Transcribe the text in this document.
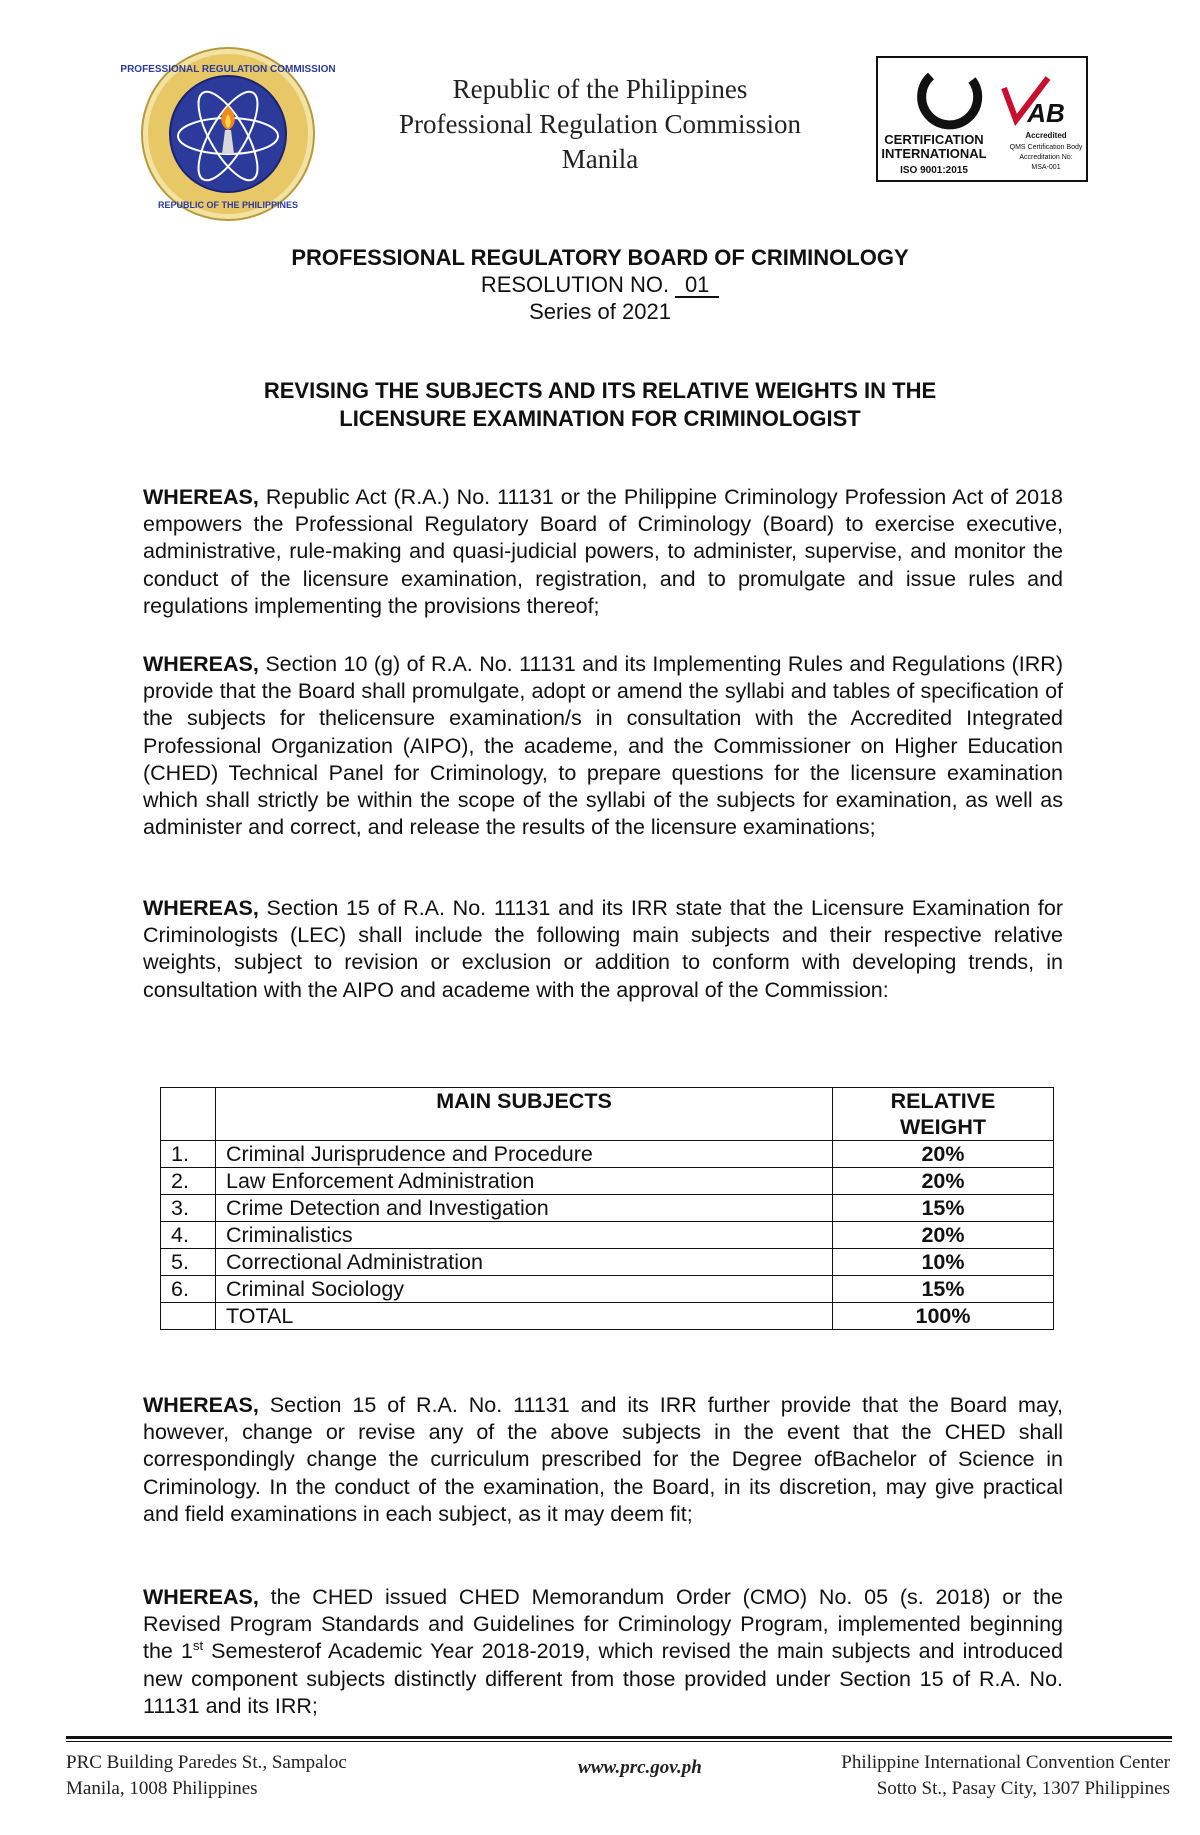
PROFESSIONAL REGULATION COMMISSION
REPUBLIC OF THE PHILIPPINES
Republic of the Philippines
Professional Regulation Commission
Manila
CERTIFICATION
INTERNATIONAL
ISO 9001:2015
AB
Accredited
QMS Certification Body
Accreditation No:
MSA-001
PROFESSIONAL REGULATORY BOARD OF CRIMINOLOGY
RESOLUTION NO. 01
Series of 2021
REVISING THE SUBJECTS AND ITS RELATIVE WEIGHTS IN THE
LICENSURE EXAMINATION FOR CRIMINOLOGIST
WHEREAS, Republic Act (R.A.) No. 11131 or the Philippine Criminology Profession Act of 2018 empowers the Professional Regulatory Board of Criminology (Board) to exercise executive, administrative, rule-making and quasi-judicial powers, to administer, supervise, and monitor the conduct of the licensure examination, registration, and to promulgate and issue rules and regulations implementing the provisions thereof;
WHEREAS, Section 10 (g) of R.A. No. 11131 and its Implementing Rules and Regulations (IRR) provide that the Board shall promulgate, adopt or amend the syllabi and tables of specification of the subjects for thelicensure examination/s in consultation with the Accredited Integrated Professional Organization (AIPO), the academe, and the Commissioner on Higher Education (CHED) Technical Panel for Criminology, to prepare questions for the licensure examination which shall strictly be within the scope of the syllabi of the subjects for examination, as well as administer and correct, and release the results of the licensure examinations;
WHEREAS, Section 15 of R.A. No. 11131 and its IRR state that the Licensure Examination for Criminologists (LEC) shall include the following main subjects and their respective relative weights, subject to revision or exclusion or addition to conform with developing trends, in consultation with the AIPO and academe with the approval of the Commission:
	MAIN SUBJECTS	RELATIVE
WEIGHT

1.	Criminal Jurisprudence and Procedure	20%
2.	Law Enforcement Administration	20%
3.	Crime Detection and Investigation	15%
4.	Criminalistics	20%
5.	Correctional Administration	10%
6.	Criminal Sociology	15%
	TOTAL	100%
WHEREAS, Section 15 of R.A. No. 11131 and its IRR further provide that the Board may, however, change or revise any of the above subjects in the event that the CHED shall correspondingly change the curriculum prescribed for the Degree ofBachelor of Science in Criminology. In the conduct of the examination, the Board, in its discretion, may give practical and field examinations in each subject, as it may deem fit;
WHEREAS, the CHED issued CHED Memorandum Order (CMO) No. 05 (s. 2018) or the Revised Program Standards and Guidelines for Criminology Program, implemented beginning the 1st Semesterof Academic Year 2018-2019, which revised the main subjects and introduced new component subjects distinctly different from those provided under Section 15 of R.A. No. 11131 and its IRR;
PRC Building Paredes St., Sampaloc
Manila, 1008 Philippines
www.prc.gov.ph	Philippine International Convention Center
Sotto St., Pasay City, 1307 Philippines
